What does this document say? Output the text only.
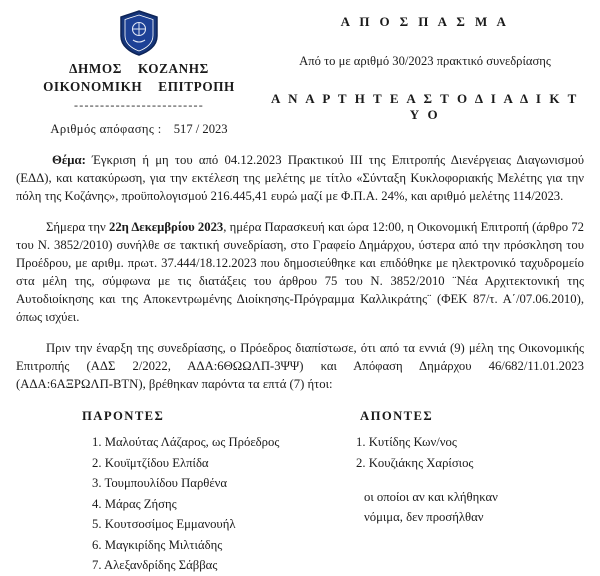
ΔΗΜΟΣ ΚΟΖΑΝΗΣ
ΟΙΚΟΝΟΜΙΚΗ ΕΠΙΤΡΟΠΗ
-------------------------
Αριθμός απόφασης : 517 / 2023
Α Π Ο Σ Π Α Σ Μ Α
Από το με αριθμό 30/2023 πρακτικό συνεδρίασης
Α Ν Α Ρ Τ Η Τ Ε Α Σ Τ Ο Δ Ι Α Δ Ι Κ Τ Υ Ο

Θέμα: Έγκριση ή μη του από 04.12.2023 Πρακτικού ΙΙΙ της Επιτροπής Διενέργειας Διαγωνισμού (ΕΔΔ), και κατακύρωση, για την εκτέλεση της μελέτης με τίτλο «Σύνταξη Κυκλοφοριακής Μελέτης για την πόλη της Κοζάνης», προϋπολογισμού 216.445,41 ευρώ μαζί με Φ.Π.Α. 24%, και αριθμό μελέτης 114/2023.

Σήμερα την 22η Δεκεμβρίου 2023, ημέρα Παρασκευή και ώρα 12:00, η Οικονομική Επιτροπή (άρθρο 72 του Ν. 3852/2010) συνήλθε σε τακτική συνεδρίαση, στο Γραφείο Δημάρχου, ύστερα από την πρόσκληση του Προέδρου, με αριθμ. πρωτ. 37.444/18.12.2023 που δημοσιεύθηκε και επιδόθηκε με ηλεκτρονικό ταχυδρομείο στα μέλη της, σύμφωνα με τις διατάξεις του άρθρου 75 του Ν. 3852/2010 ¨Νέα Αρχιτεκτονική της Αυτοδιοίκησης και της Αποκεντρωμένης Διοίκησης-Πρόγραμμα Καλλικράτης¨ (ΦΕΚ 87/τ. Α΄/07.06.2010), όπως ισχύει.

Πριν την έναρξη της συνεδρίασης, ο Πρόεδρος διαπίστωσε, ότι από τα εννιά (9) μέλη της Οικονομικής Επιτροπής (ΑΔΣ 2/2022, ΑΔΑ:6ΘΩΩΛΠ-3ΨΨ) και Απόφαση Δημάρχου 46/682/11.01.2023 (ΑΔΑ:6ΑΞΡΩΛΠ-ΒΤΝ), βρέθηκαν παρόντα τα επτά (7) ήτοι:

ΠΑΡΟΝΤΕΣ
1. Μαλούτας Λάζαρος, ως Πρόεδρος
2. Κουϊμτζίδου Ελπίδα
3. Τουμπουλίδου Παρθένα
4. Μάρας Ζήσης
5. Κουτσοσίμος Εμμανουήλ
6. Μαγκιρίδης Μιλτιάδης
7. Αλεξανδρίδης Σάββας
ΑΠΟΝΤΕΣ
1. Κυτίδης Κων/νος
2. Κουζιάκης Χαρίσιος
οι οποίοι αν και κλήθηκαν
νόμιμα, δεν προσήλθαν
